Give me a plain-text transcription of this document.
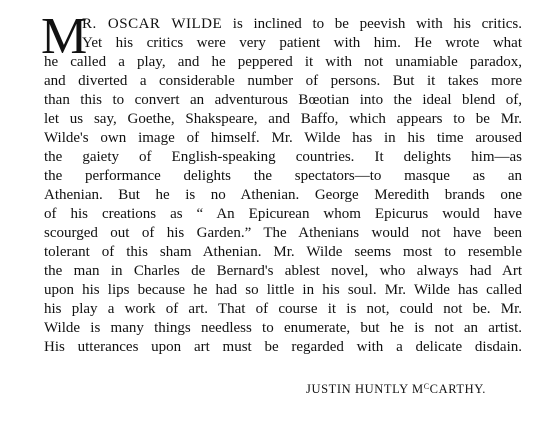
M
R. OSCAR WILDE is inclined to be peevish with his critics.
Yet his critics were very patient with him. He wrote what
he called a play, and he peppered it with not unamiable paradox,
and diverted a considerable number of persons. But it takes more
than this to convert an adventurous Bœotian into the ideal blend of,
let us say, Goethe, Shakspeare, and Baffo, which appears to be Mr.
Wilde's own image of himself. Mr. Wilde has in his time aroused
the gaiety of English-speaking countries. It delights him—as
the performance delights the spectators—to masque as an
Athenian. But he is no Athenian. George Meredith brands one
of his creations as “ An Epicurean whom Epicurus would have
scourged out of his Garden.” The Athenians would not have been
tolerant of this sham Athenian. Mr. Wilde seems most to resemble
the man in Charles de Bernard's ablest novel, who always had Art
upon his lips because he had so little in his soul. Mr. Wilde has called
his play a work of art. That of course it is not, could not be. Mr.
Wilde is many things needless to enumerate, but he is not an artist.
His utterances upon art must be regarded with a delicate disdain.
JUSTIN HUNTLY $M^CCARTHY$.
